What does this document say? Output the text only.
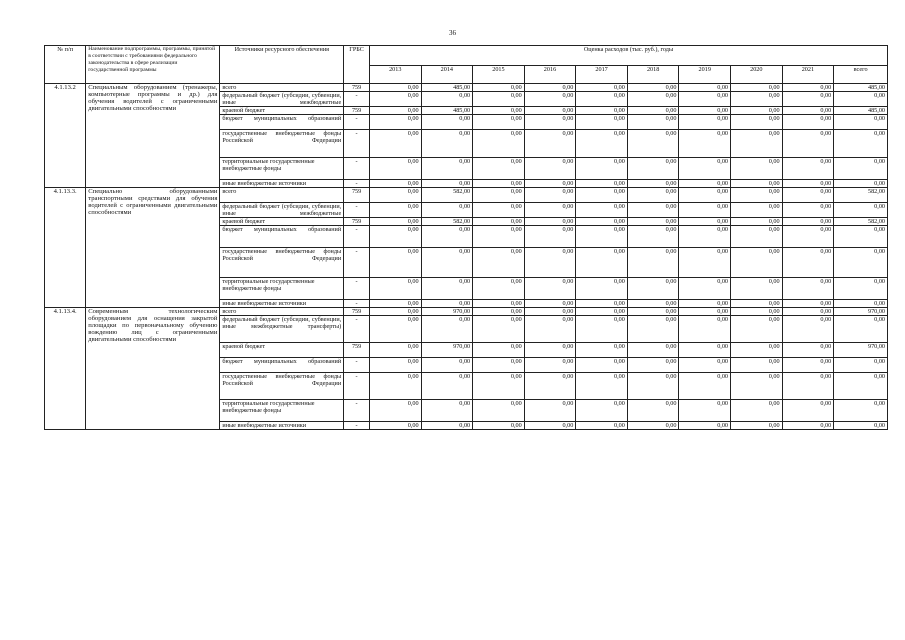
36
№ п/п	Наименование подпрограммы, программы, принятой в соответствии с требованиями федерального законодательства в сфере реализации государственной программы	Источники ресурсного обеспечения	ГРБС	Оценка расходов (тыс. руб.), годы									
				2013	2014	2015	2016	2017	2018	2019	2020	2021	всего
4.1.13.2	Специальным оборудованием (тренажеры, компьютерные программы и др.) для обучения водителей с ограниченными двигательными способностями	всего	759	0,00	485,00	0,00	0,00	0,00	0,00	0,00	0,00	0,00	485,00
		федеральный бюджет (субсидии, субвенции, иные межбюджетные	-	0,00	0,00	0,00	0,00	0,00	0,00	0,00	0,00	0,00	0,00
		краевой бюджет	759	0,00	485,00	0,00	0,00	0,00	0,00	0,00	0,00	0,00	485,00
		бюджет муниципальных образований	-	0,00	0,00	0,00	0,00	0,00	0,00	0,00	0,00	0,00	0,00
		государственные внебюджетные фонды Российской Федерации	-	0,00	0,00	0,00	0,00	0,00	0,00	0,00	0,00	0,00	0,00
		территориальные государственные внебюджетные фонды	-	0,00	0,00	0,00	0,00	0,00	0,00	0,00	0,00	0,00	0,00
		иные внебюджетные источники	-	0,00	0,00	0,00	0,00	0,00	0,00	0,00	0,00	0,00	0,00
4.1.13.3.	Специально оборудованными транспортными средствами для обучения водителей с ограниченными двигательными способностями	всего	759	0,00	582,00	0,00	0,00	0,00	0,00	0,00	0,00	0,00	582,00
		федеральный бюджет (субсидии, субвенции, иные межбюджетные	-	0,00	0,00	0,00	0,00	0,00	0,00	0,00	0,00	0,00	0,00
		краевой бюджет	759	0,00	582,00	0,00	0,00	0,00	0,00	0,00	0,00	0,00	582,00
		бюджет муниципальных образований	-	0,00	0,00	0,00	0,00	0,00	0,00	0,00	0,00	0,00	0,00
		государственные внебюджетные фонды Российской Федерации	-	0,00	0,00	0,00	0,00	0,00	0,00	0,00	0,00	0,00	0,00
		территориальные государственные внебюджетные фонды	-	0,00	0,00	0,00	0,00	0,00	0,00	0,00	0,00	0,00	0,00
		иные внебюджетные источники	-	0,00	0,00	0,00	0,00	0,00	0,00	0,00	0,00	0,00	0,00
4.1.13.4.	Современным технологическим оборудованием для оснащения закрытой площадки по первоначальному обучению вождению лиц с ограниченными двигательными способностями	всего	759	0,00	970,00	0,00	0,00	0,00	0,00	0,00	0,00	0,00	970,00
		федеральный бюджет (субсидии, субвенции, иные межбюджетные трансферты)	-	0,00	0,00	0,00	0,00	0,00	0,00	0,00	0,00	0,00	0,00
		краевой бюджет	759	0,00	970,00	0,00	0,00	0,00	0,00	0,00	0,00	0,00	970,00
		бюджет муниципальных образований	-	0,00	0,00	0,00	0,00	0,00	0,00	0,00	0,00	0,00	0,00
		государственные внебюджетные фонды Российской Федерации	-	0,00	0,00	0,00	0,00	0,00	0,00	0,00	0,00	0,00	0,00
		территориальные государственные внебюджетные фонды	-	0,00	0,00	0,00	0,00	0,00	0,00	0,00	0,00	0,00	0,00
		иные внебюджетные источники	-	0,00	0,00	0,00	0,00	0,00	0,00	0,00	0,00	0,00	0,00
